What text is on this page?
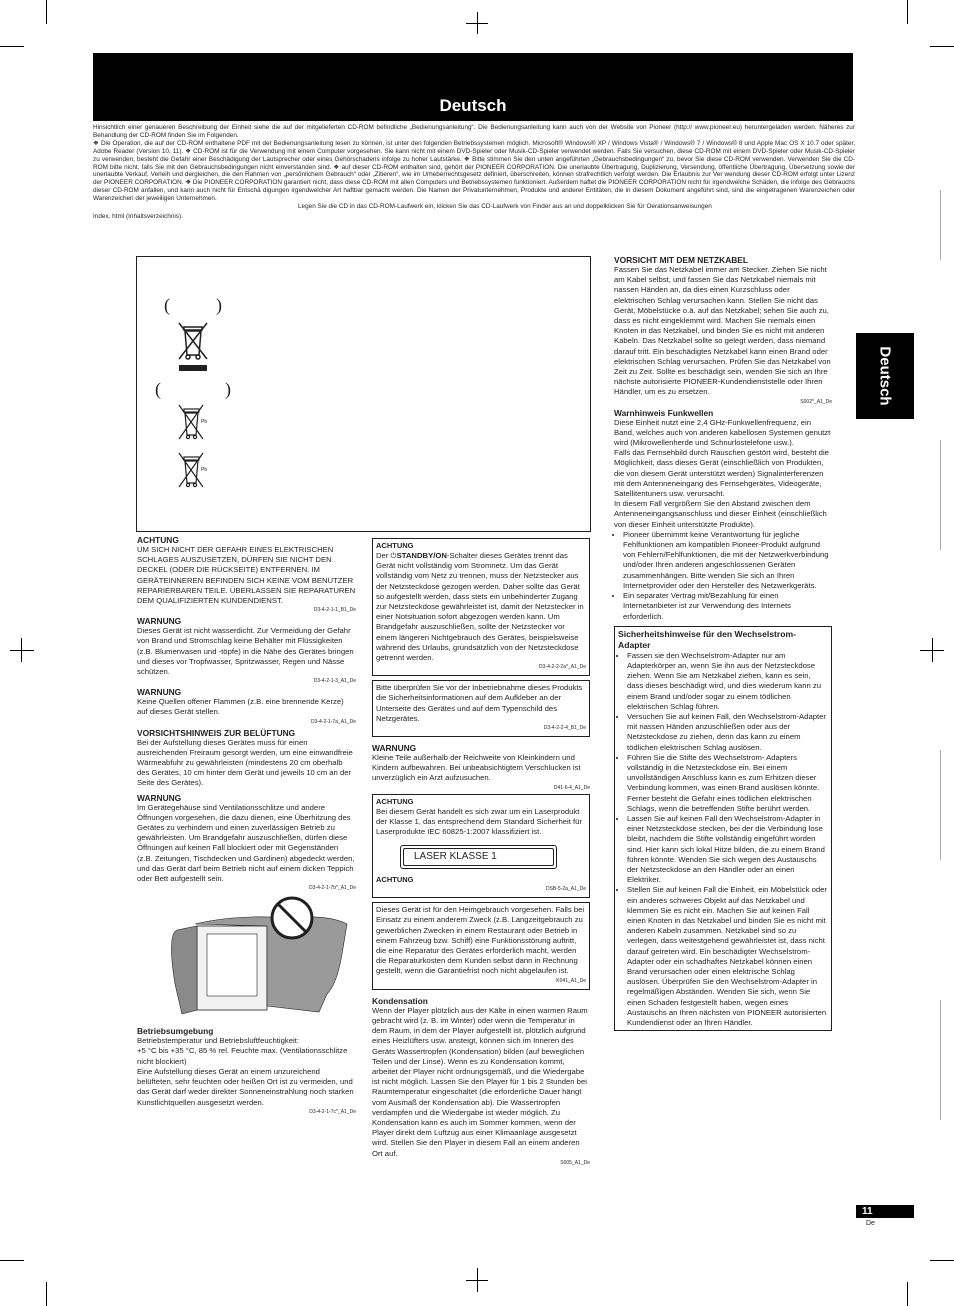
Deutsch

Hinsichtlich einer genaueren Beschreibung der Einheit siehe die auf der mitgelieferten CD-ROM befindliche „Bedienungsanleitung“. Die Bedienungsanleitung kann auch von der Website von Pioneer (http:// www.pioneer.eu) heruntergeladen werden. Näheres zur Behandlung der CD-ROM finden Sie im Folgenden.

❖ Die Operation, die auf der CD-ROM enthaltene PDF mit der Bedienungsanleitung lesen zu können, ist unter den folgenden Betriebssystemen möglich. Microsoft® Windows® XP / Windows Vista® / Windows® 7 / Windows® 8 und Apple Mac OS X 10.7 oder später, Adobe Reader (Version 10, 11). ❖ CD-ROM ist für die Verwendung mit einem Computer vorgesehen. Sie kann nicht mit einem DVD-Spieler oder Musik-CD-Spieler verwendet werden. Falls Sie versuchen, diese CD-ROM mit einem DVD-Spieler oder Musik-CD-Spieler zu verwenden, besteht die Gefahr einer Beschädigung der Lautsprecher oder eines Gehörschadens infolge zu hoher Lautstärke. ❖ Bitte stimmen Sie den unten angeführten „Gebrauchsbedingungen“ zu, bevor Sie diese CD-ROM verwenden. Verwenden Sie die CD-ROM bitte nicht, falls Sie mit den Gebrauchsbedingungen nicht einverstanden sind. ❖ auf dieser CD-ROM enthalten sind, gehört der PIONEER CORPORATION. Die unerlaubte Übertragung, Duplizierung, Versendung, öffentliche Übertragung, Übersetzung sowie der unerlaubte Verkauf, Verleih und dergleichen, die den Rahmen von „persönlichem Gebrauch“ oder „Zitieren“, wie im Urheberrechtsgesetz definiert, überschreiten, können strafrechtlich verfolgt werden. Die Erlaubnis zur Ver wendung dieser CD-ROM erfolgt unter Lizenz der PIONEER CORPORATION. ❖ Die PIONEER CORPORATION garantiert nicht, dass diese CD-ROM mit allen Computers und Betriebssystemen funktioniert. Außerdem haftet die PIONEER CORPORATION nicht für irgendwelche Schäden, die infolge des Gebrauchs dieser CD-ROM anfallen, und kann auch nicht für Entschä digungen irgendwelcher Art haftbar gemacht werden. Die Namen der Privatunternehmen, Produkte und anderer Entitäten, die in diesem Dokument angeführt sind, sind die eingetragenen Warenzeichen oder Warenzeichen der jeweiligen Unternehmen.

Legen Sie die CD in das CD-ROM-Laufwerk ein, klicken Sie das CD-Laufwerk von Finder aus an und doppelklicken Sie für Oerationsanweisungen

Index. html (Inhaltsverzeichnis).

Deutsch
(	)
(	)
Pb
Pb
ACHTUNG

UM SICH NICHT DER GEFAHR EINES ELEKTRISCHEN SCHLAGES AUSZUSETZEN, DÜRFEN SIE NICHT DEN DECKEL (ODER DIE RÜCKSEITE) ENTFERNEN. IM GERÄTEINNEREN BEFINDEN SICH KEINE VOM BENUTZER REPARIERBAREN TEILE. ÜBERLASSEN SIE REPARATUREN DEM QUALIFIZIERTEN KUNDENDIENST.

D3-4-2-1-1_B1_De
WARNUNG

Dieses Gerät ist nicht wasserdicht. Zur Vermeidung der Gefahr von Brand und Stromschlag keine Behälter mit Flüssigkeiten (z.B. Blumenvasen und -töpfe) in die Nähe des Gerätes bringen und dieses vor Tropfwasser, Spritzwasser, Regen und Nässe schützen.

D3-4-2-1-3_A1_De
WARNUNG

Keine Quellen offener Flammen (z.B. eine brennende Kerze) auf dieses Gerät stellen.

D3-4-2-1-7a_A1_De
VORSICHTSHINWEIS ZUR BELÜFTUNG

Bei der Aufstellung dieses Gerätes muss für einen ausreichenden Freiraum gesorgt werden, um eine einwandfreie Wärmeabfuhr zu gewährleisten (mindestens 20 cm oberhalb des Gerätes, 10 cm hinter dem Gerät und jeweils 10 cm an der Seite des Gerätes).

WARNUNG

Im Gerätegehäuse sind Ventilationsschlitze und andere Öffnungen vorgesehen, die dazu dienen, eine Überhitzung des Gerätes zu verhindern und einen zuverlässigen Betrieb zu gewährleisten. Um Brandgefahr auszuschließen, dürfen diese Öffnungen auf keinen Fall blockiert oder mit Gegenständen (z.B. Zeitungen, Tischdecken und Gardinen) abgedeckt werden, und das Gerät darf beim Betrieb nicht auf einem dicken Teppich oder Bett aufgestellt sein.

D3-4-2-1-7b*_A1_De
Betriebsumgebung

Betriebstemperatur und Betriebsluftfeuchtigkeit:

+5 °C bis +35 °C, 85 % rel. Feuchte max. (Ventilationsschlitze nicht blockiert)

Eine Aufstellung dieses Gerät an einem unzureichend belüfteten, sehr feuchten oder heißen Ort ist zu vermeiden, und das Gerät darf weder direkter Sonneneinstrahlung noch starken Kunstlichtquellen ausgesetzt werden.

D3-4-2-1-7c*_A1_De
ACHTUNG

Der ⏻STANDBY/ON-Schalter dieses Gerätes trennt das Gerät nicht vollständig vom Stromnetz. Um das Gerät vollständig vom Netz zu trennen, muss der Netzstecker aus der Netzsteckdose gezogen werden. Daher sollte das Gerät so aufgestellt werden, dass stets ein unbehinderter Zugang zur Netzsteckdose gewährleistet ist, damit der Netzstecker in einer Notsituation sofort abgezogen werden kann. Um Brandgefahr auszuschließen, sollte der Netzstecker vor einem längeren Nichtgebrauch des Gerätes, beispielsweise während des Urlaubs, grundsätzlich von der Netzsteckdose getrennt werden.

D3-4-2-2-2a*_A1_De

Bitte überprüfen Sie vor der Inbetriebnahme dieses Produkts die Sicherheitsinformationen auf dem Aufkleber an der Unterseite des Gerätes und auf dem Typenschild des Netzgerätes.

D3-4-2-2-4_B1_De
WARNUNG

Kleine Teile außerhalb der Reichweite von Kleinkindern und Kindern aufbewahren. Bei unbeabsichtigtem Verschlucken ist unverzüglich ein Arzt aufzusuchen.

D41-6-4_A1_De
ACHTUNG

Bei diesem Gerät handelt es sich zwar um ein Laserprodukt der Klasse 1, das entsprechend dem Standard Sicherheit für Laserprodukte IEC 60825-1:2007 klassifiziert ist.

LASER KLASSE 1
ACHTUNG
DSB-5-2a_A1_De

Dieses Gerät ist für den Heimgebrauch vorgesehen. Falls bei Einsatz zu einem anderem Zweck (z.B. Langzeitgebrauch zu gewerblichen Zwecken in einem Restaurant oder Betrieb in einem Fahrzeug bzw. Schiff) eine Funktionsstörung auftritt, die eine Reparatur des Gerätes erforderlich macht, werden die Reparaturkosten dem Kunden selbst dann in Rechnung gestellt, wenn die Garantiefrist noch nicht abgelaufen ist.

K041_A1_De
Kondensation

Wenn der Player plötzlich aus der Kälte in einen warmen Raum gebracht wird (z. B. im Winter) oder wenn die Temperatur in dem Raum, in dem der Player aufgestellt ist, plötzlich aufgrund eines Heizlüfters usw. ansteigt, können sich im Inneren des Geräts Wassertropfen (Kondensation) bilden (auf beweglichen Teilen und der Linse). Wenn es zu Kondensation kommt, arbeitet der Player nicht ordnungsgemäß, und die Wiedergabe ist nicht möglich. Lassen Sie den Player für 1 bis 2 Stunden bei Raumtemperatur eingeschaltet (die erforderliche Dauer hängt vom Ausmaß der Kondensation ab). Die Wassertropfen verdampfen und die Wiedergabe ist wieder möglich. Zu Kondensation kann es auch im Sommer kommen, wenn der Player direkt dem Luftzug aus einer Klimaanlage ausgesetzt wird. Stellen Sie den Player in diesem Fall an einem anderen Ort auf.

S005_A1_De
VORSICHT MIT DEM NETZKABEL

Fassen Sie das Netzkabel immer am Stecker. Ziehen Sie nicht am Kabel selbst, und fassen Sie das Netzkabel niemals mit nassen Händen an, da dies einen Kurzschluss oder elektrischen Schlag verursachen kann. Stellen Sie nicht das Gerät, Möbelstücke o.ä. auf das Netzkabel; sehen Sie auch zu, dass es nicht eingeklemmt wird. Machen Sie niemals einen Knoten in das Netzkabel, und binden Sie es nicht mit anderen Kabeln. Das Netzkabel sollte so gelegt werden, dass niemand darauf tritt. Ein beschädigtes Netzkabel kann einen Brand oder elektrischen Schlag verursachen. Prüfen Sie das Netzkabel von Zeit zu Zeit. Sollte es beschädigt sein, wenden Sie sich an Ihre nächste autorisierte PIONEER-Kundendienststelle oder Ihren Händler, um es zu ersetzen.

S002*_A1_De
Warnhinweis Funkwellen

Diese Einheit nutzt eine 2,4 GHz-Funkwellenfrequenz, ein Band, welches auch von anderen kabellosen Systemen genutzt wird (Mikrowellenherde und Schnurlostelefone usw.).

Falls das Fernsehbild durch Rauschen gestört wird, besteht die Möglichkeit, dass dieses Gerät (einschließlich von Produkten, die von diesem Gerät unterstützt werden) Signalinterferenzen mit dem Antenneneingang des Fernsehgerätes, Videogeräte, Satellitentuners usw. verursacht.

In diesem Fall vergrößern Sie den Abstand zwischen dem Antenneneingangsanschluss und dieser Einheit (einschließlich von dieser Einheit unterstützte Produkte).

• Pioneer übernimmt keine Verantwortung für jegliche Fehlfunktionen am kompatiblen Pioneer-Produkt aufgrund von Fehlern/Fehlfunktionen, die mit der Netzwerkverbindung und/oder Ihren anderen angeschlossenen Geräten zusammenhängen. Bitte wenden Sie sich an Ihren Internetprovider oder den Hersteller des Netzwerkgeräts.
• Ein separater Vertrag mit/Bezahlung für einen Internetanbieter ist zur Verwendung des Internets erforderlich.
Sicherheitshinweise für den Wechselstrom-Adapter
• Fassen sie den Wechselstrom-Adapter nur am Adapterkörper an, wenn Sie ihn aus der Netzsteckdose ziehen. Wenn Sie am Netzkabel ziehen, kann es sein, dass dieses beschädigt wird, und dies wiederum kann zu einem Brand und/oder sogar zu einem tödlichen elektrischen Schlag führen.
• Versuchen Sie auf keinen Fall, den Wechselstrom-Adapter mit nassen Händen anzuschließen oder aus der Netzsteckdose zu ziehen, denn das kann zu einem tödlichen elektrischen Schlag auslösen.
• Führen Sie die Stifte des Wechselstrom- Adapters vollständig in die Netzsteckdose ein. Bei einem unvollständigen Anschluss kann es zum Erhitzen dieser Verbindung kommen, was einen Brand auslösen könnte. Ferner besteht die Gefahr eines tödlichen elektrischen Schlags, wenn die betreffenden Stifte berührt werden.
• Lassen Sie auf keinen Fall den Wechselstrom-Adapter in einer Netzsteckdose stecken, bei der die Verbindung lose bleibt, nachdem die Stifte vollständig eingeführt worden sind. Hier kann sich lokal Hitze bilden, die zu einem Brand führen könnte. Wenden Sie sich wegen des Austauschs der Netzsteckdose an den Händler oder an einen Elektriker.
• Stellen Sie auf keinen Fall die Einheit, ein Möbelstück oder ein anderes schweres Objekt auf das Netzkabel und klemmen Sie es nicht ein. Machen Sie auf keinen Fall einen Knoten in das Netzkabel und binden Sie es nicht mit anderen Kabeln zusammen. Netzkabel sind so zu verlegen, dass weitestgehend gewährleistet ist, dass nicht darauf getreten wird. Ein beschädigter Wechselstrom-Adapter oder ein schadhaftes Netzkabel können einen Brand verursachen oder einen elektrische Schlag auslösen. Überprüfen Sie den Wechselstrom-Adapter in regelmäßigen Abständen. Wenden Sie sich, wenn Sie einen Schaden festgestellt haben, wegen eines Austauschs an Ihren nächsten von PIONEER autorisierten Kundendienst oder an Ihren Händler.
11
De
